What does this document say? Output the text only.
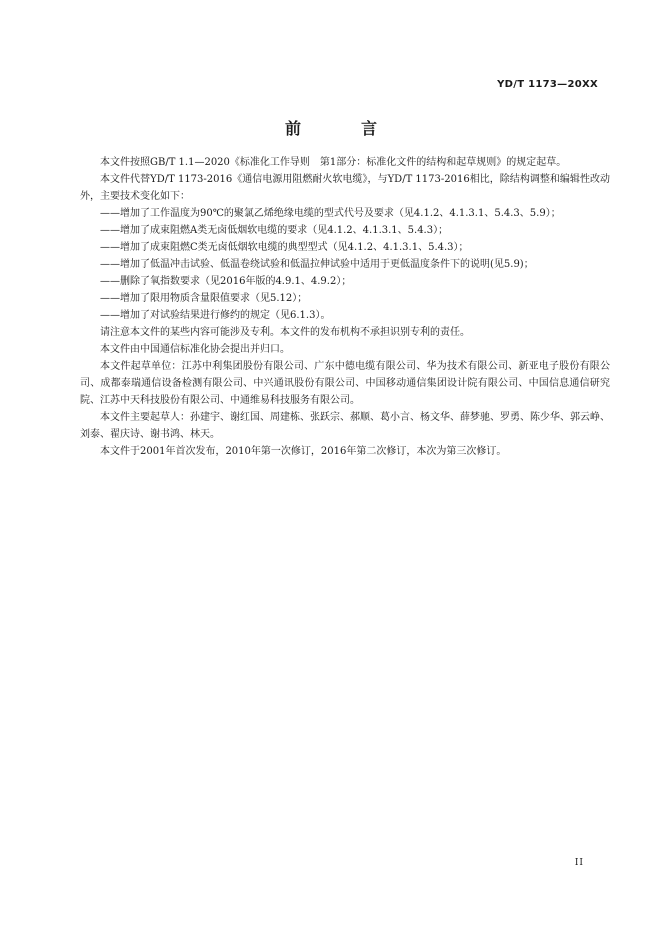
YD/T 1173—20XX
前　言

本文件按照GB/T 1.1—2020《标准化工作导则　第1部分：标准化文件的结构和起草规则》的规定起草。

本文件代替YD/T 1173-2016《通信电源用阻燃耐火软电缆》，与YD/T 1173-2016相比，除结构调整和编辑性改动外，主要技术变化如下：

——增加了工作温度为90℃的聚氯乙烯绝缘电缆的型式代号及要求（见4.1.2、4.1.3.1、5.4.3、5.9）；

——增加了成束阻燃A类无卤低烟软电缆的要求（见4.1.2、4.1.3.1、5.4.3）；

——增加了成束阻燃C类无卤低烟软电缆的典型型式（见4.1.2、4.1.3.1、5.4.3）；

——增加了低温冲击试验、低温卷绕试验和低温拉伸试验中适用于更低温度条件下的说明(见5.9)；

——删除了氧指数要求（见2016年版的4.9.1、4.9.2）；

——增加了限用物质含量限值要求（见5.12）；

——增加了对试验结果进行修约的规定（见6.1.3）。

请注意本文件的某些内容可能涉及专利。本文件的发布机构不承担识别专利的责任。

本文件由中国通信标准化协会提出并归口。

本文件起草单位：江苏中利集团股份有限公司、广东中德电缆有限公司、华为技术有限公司、新亚电子股份有限公司、成都泰瑞通信设备检测有限公司、中兴通讯股份有限公司、中国移动通信集团设计院有限公司、中国信息通信研究院、江苏中天科技股份有限公司、中通维易科技服务有限公司。

本文件主要起草人：孙建宇、谢红国、周建栋、张跃宗、郝顺、葛小言、杨文华、薛梦驰、罗勇、陈少华、郭云峥、刘泰、翟庆诗、谢书鸿、林天。

本文件于2001年首次发布，2010年第一次修订，2016年第二次修订，本次为第三次修订。

II
